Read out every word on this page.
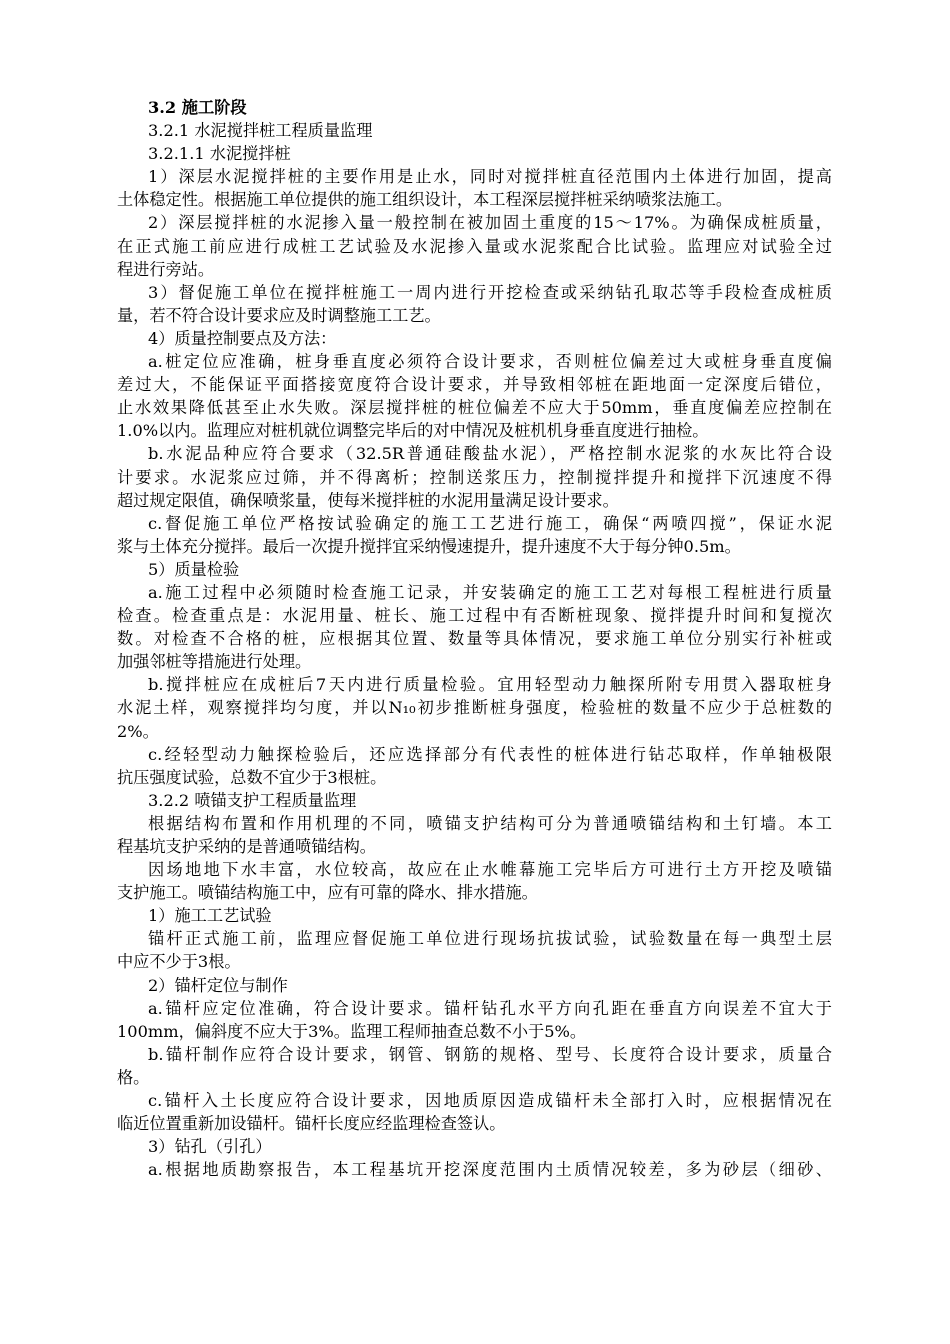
3.2 施工阶段
3.2.1 水泥搅拌桩工程质量监理
3.2.1.1 水泥搅拌桩
1）深层水泥搅拌桩的主要作用是止水，同时对搅拌桩直径范围内土体进行加固，提高
土体稳定性。根据施工单位提供的施工组织设计，本工程深层搅拌桩采纳喷浆法施工。
2）深层搅拌桩的水泥掺入量一般控制在被加固土重度的15～17%。为确保成桩质量，
在正式施工前应进行成桩工艺试验及水泥掺入量或水泥浆配合比试验。监理应对试验全过
程进行旁站。
3）督促施工单位在搅拌桩施工一周内进行开挖检查或采纳钻孔取芯等手段检查成桩质
量，若不符合设计要求应及时调整施工工艺。
4）质量控制要点及方法：
a.桩定位应准确，桩身垂直度必须符合设计要求，否则桩位偏差过大或桩身垂直度偏
差过大，不能保证平面搭接宽度符合设计要求，并导致相邻桩在距地面一定深度后错位，
止水效果降低甚至止水失败。深层搅拌桩的桩位偏差不应大于50mm，垂直度偏差应控制在
1.0%以内。监理应对桩机就位调整完毕后的对中情况及桩机机身垂直度进行抽检。
b.水泥品种应符合要求（32.5R普通硅酸盐水泥），严格控制水泥浆的水灰比符合设
计要求。水泥浆应过筛，并不得离析；控制送浆压力，控制搅拌提升和搅拌下沉速度不得
超过规定限值，确保喷浆量，使每米搅拌桩的水泥用量满足设计要求。
c.督促施工单位严格按试验确定的施工工艺进行施工，确保“两喷四搅”，保证水泥
浆与土体充分搅拌。最后一次提升搅拌宜采纳慢速提升，提升速度不大于每分钟0.5m。
5）质量检验
a.施工过程中必须随时检查施工记录，并安装确定的施工工艺对每根工程桩进行质量
检查。检查重点是：水泥用量、桩长、施工过程中有否断桩现象、搅拌提升时间和复搅次
数。对检查不合格的桩，应根据其位置、数量等具体情况，要求施工单位分别实行补桩或
加强邻桩等措施进行处理。
b.搅拌桩应在成桩后7天内进行质量检验。宜用轻型动力触探所附专用贯入器取桩身
水泥土样，观察搅拌均匀度，并以N₁₀初步推断桩身强度，检验桩的数量不应少于总桩数的
2%。
c.经轻型动力触探检验后，还应选择部分有代表性的桩体进行钻芯取样，作单轴极限
抗压强度试验，总数不宜少于3根桩。
3.2.2 喷锚支护工程质量监理
根据结构布置和作用机理的不同，喷锚支护结构可分为普通喷锚结构和土钉墙。本工
程基坑支护采纳的是普通喷锚结构。
因场地地下水丰富，水位较高，故应在止水帷幕施工完毕后方可进行土方开挖及喷锚
支护施工。喷锚结构施工中，应有可靠的降水、排水措施。
1）施工工艺试验
锚杆正式施工前，监理应督促施工单位进行现场抗拔试验，试验数量在每一典型土层
中应不少于3根。
2）锚杆定位与制作
a.锚杆应定位准确，符合设计要求。锚杆钻孔水平方向孔距在垂直方向误差不宜大于
100mm，偏斜度不应大于3%。监理工程师抽查总数不小于5%。
b.锚杆制作应符合设计要求，钢管、钢筋的规格、型号、长度符合设计要求，质量合
格。
c.锚杆入土长度应符合设计要求，因地质原因造成锚杆未全部打入时，应根据情况在
临近位置重新加设锚杆。锚杆长度应经监理检查签认。
3）钻孔（引孔）
a.根据地质勘察报告，本工程基坑开挖深度范围内土质情况较差，多为砂层（细砂、
